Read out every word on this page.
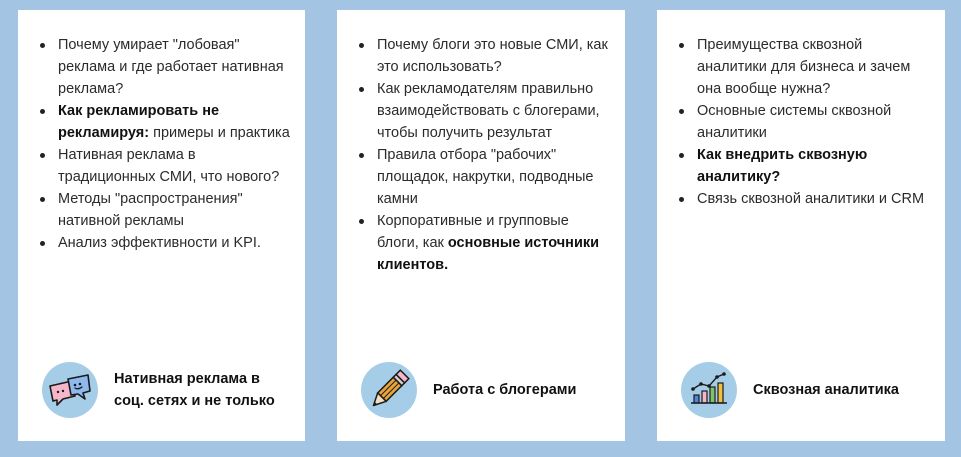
Почему умирает "лобовая" реклама и где работает нативная реклама?
Как рекламировать не рекламируя: примеры и практика
Нативная реклама в традиционных СМИ, что нового?
Методы "распространения" нативной рекламы
Анализ эффективности и KPI.
Нативная реклама в соц. сетях и не только
Почему блоги это новые СМИ, как это использовать?
Как рекламодателям правильно взаимодействовать с блогерами, чтобы получить результат
Правила отбора "рабочих" площадок, накрутки, подводные камни
Корпоративные и групповые блоги, как основные источники клиентов.
Работа с блогерами
Преимущества сквозной аналитики для бизнеса и зачем она вообще нужна?
Основные системы сквозной аналитики
Как внедрить сквозную аналитику?
Связь сквозной аналитики и CRM
Сквозная аналитика
